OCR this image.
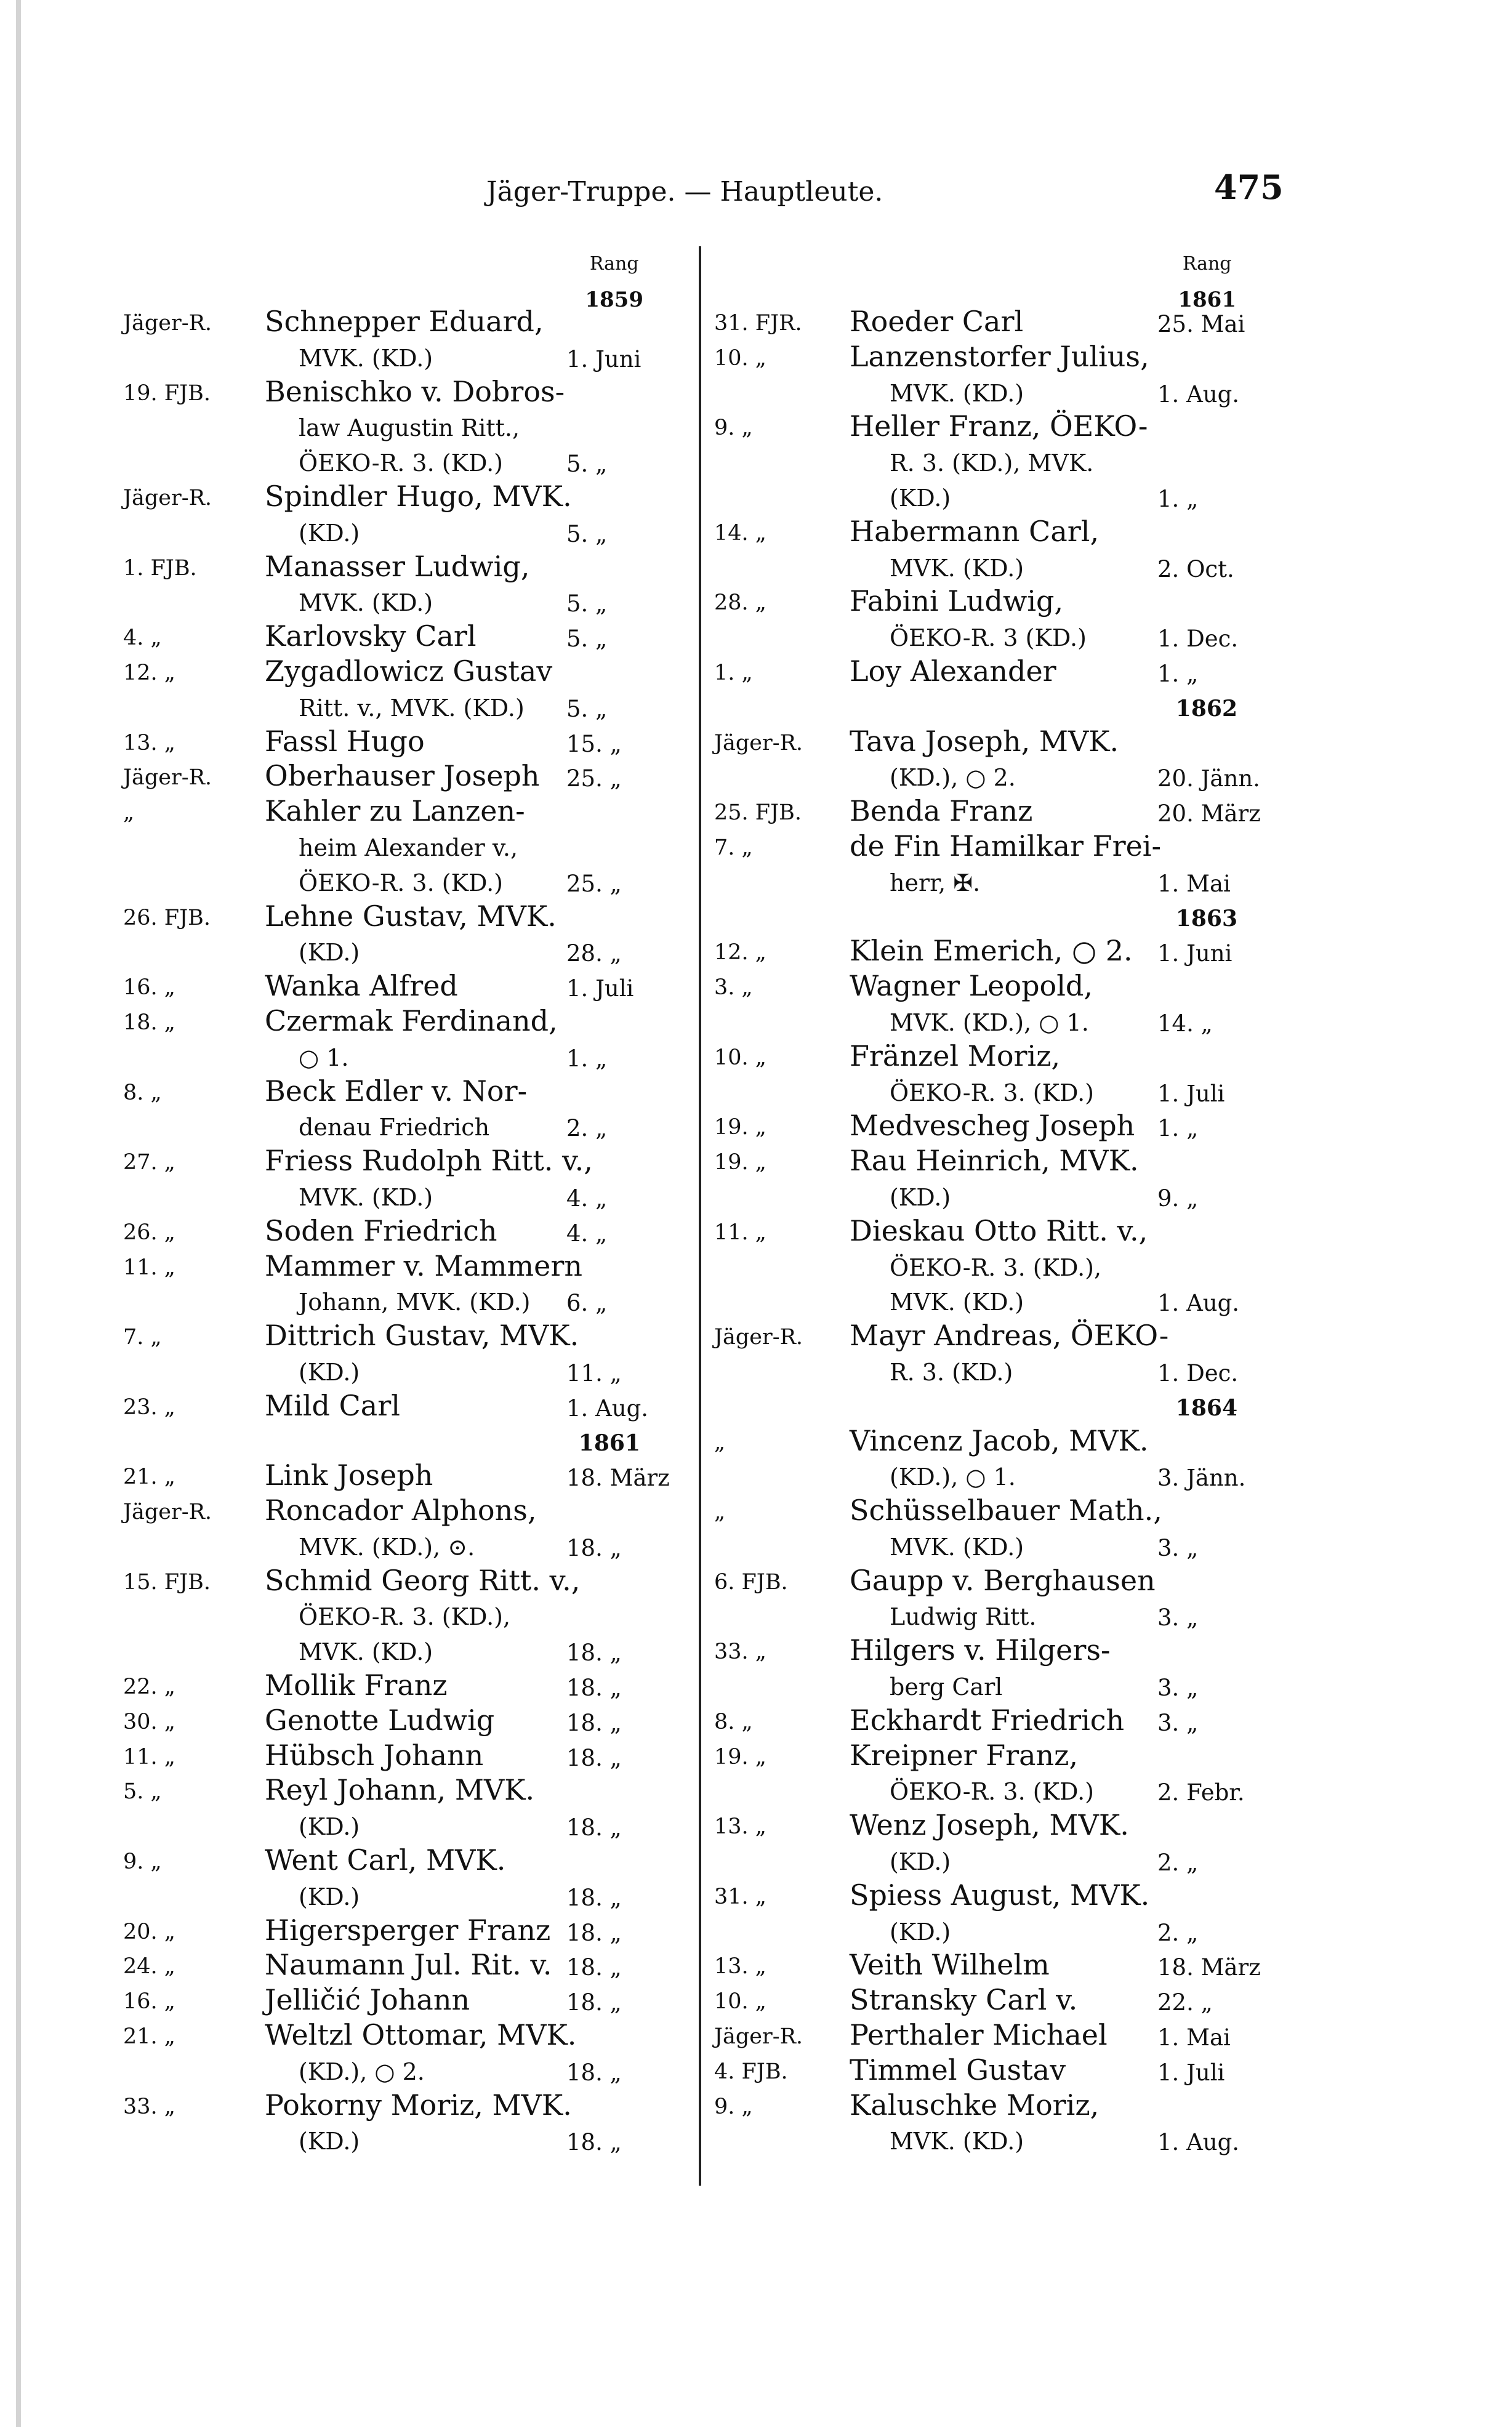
Jäger-Truppe. — Hauptleute.	475
Rang
1859
Jäger-R. Schnepper Eduard,
MVK. (KD.)	1. Juni
19. FJB. Benischko v. Dobros-
law Augustin Ritt.,
ÖEKO-R. 3. (KD.)	5. „
Jäger-R. Spindler Hugo, MVK.
(KD.)	5. „
1. FJB. Manasser Ludwig,
MVK. (KD.)	5. „
4. „	Karlovsky Carl	5. „
12. „	Zygadlowicz Gustav
Ritt. v., MVK. (KD.) 5. „
13. „	Fassl Hugo	15. „
Jäger-R. Oberhauser Joseph 25. „
„	Kahler zu Lanzen-
heim Alexander v.,
ÖEKO-R. 3. (KD.)	25. „
26. FJB. Lehne Gustav, MVK.
(KD.)	28. „
16. „	Wanka Alfred	1. Juli
18. „	Czermak Ferdinand,
○ 1.	1. „
8. „	Beck Edler v. Nor-
denau Friedrich	2. „
27. „	Friess Rudolph Ritt. v.,
MVK. (KD.)	4. „
26. „	Soden Friedrich	4. „
11. „	Mammer v. Mammern
Johann, MVK. (KD.) 6. „
7. „	Dittrich Gustav, MVK.
(KD.)	11. „
23. „	Mild Carl	1. Aug.
1861
21. „	Link Joseph	18. März
Jäger-R. Roncador Alphons,
MVK. (KD.), ⊙.	18. „
15. FJB. Schmid Georg Ritt. v.,
ÖEKO-R. 3. (KD.),
MVK. (KD.)	18. „
22. „	Mollik Franz	18. „
30. „	Genotte Ludwig	18. „
11. „	Hübsch Johann	18. „
5. „	Reyl Johann, MVK.
(KD.)	18. „
9. „	Went Carl, MVK.
(KD.)	18. „
20. „	Higersperger Franz 18. „
24. „	Naumann Jul. Rit. v. 18. „
16. „	Jelličić Johann	18. „
21. „	Weltzl Ottomar, MVK.
(KD.), ○ 2.	18. „
33. „	Pokorny Moriz, MVK.
(KD.)	18. „
Rang
1861
31. FJR. Roeder Carl	25. Mai
10. „	Lanzenstorfer Julius,
MVK. (KD.)	1. Aug.
9. „	Heller Franz, ÖEKO-
R. 3. (KD.), MVK.
(KD.)	1. „
14. „	Habermann Carl,
MVK. (KD.)	2. Oct.
28. „	Fabini Ludwig,
ÖEKO-R. 3 (KD.)	1. Dec.
1. „	Loy Alexander	1. „
1862
Jäger-R. Tava Joseph, MVK.
(KD.), ○ 2.	20. Jänn.
25. FJB. Benda Franz	20. März
7. „	de Fin Hamilkar Frei-
herr, ✠.	1. Mai
1863
12. „	Klein Emerich, ○ 2. 1. Juni
3. „	Wagner Leopold,
MVK. (KD.), ○ 1.	14. „
10. „	Fränzel Moriz,
ÖEKO-R. 3. (KD.)	1. Juli
19. „	Medvescheg Joseph 1. „
19. „	Rau Heinrich, MVK.
(KD.)	9. „
11. „	Dieskau Otto Ritt. v.,
ÖEKO-R. 3. (KD.),
MVK. (KD.)	1. Aug.
Jäger-R. Mayr Andreas, ÖEKO-
R. 3. (KD.)	1. Dec.
1864
„	Vincenz Jacob, MVK.
(KD.), ○ 1.	3. Jänn.
„	Schüsselbauer Math.,
MVK. (KD.)	3. „
6. FJB. Gaupp v. Berghausen
Ludwig Ritt.	3. „
33. „	Hilgers v. Hilgers-
berg Carl	3. „
8. „	Eckhardt Friedrich 3. „
19. „	Kreipner Franz,
ÖEKO-R. 3. (KD.)	2. Febr.
13. „	Wenz Joseph, MVK.
(KD.)	2. „
31. „	Spiess August, MVK.
(KD.)	2. „
13. „	Veith Wilhelm	18. März
10. „	Stransky Carl v.	22. „
Jäger-R. Perthaler Michael 1. Mai
4. FJB. Timmel Gustav	1. Juli
9. „	Kaluschke Moriz,
MVK. (KD.)	1. Aug.
